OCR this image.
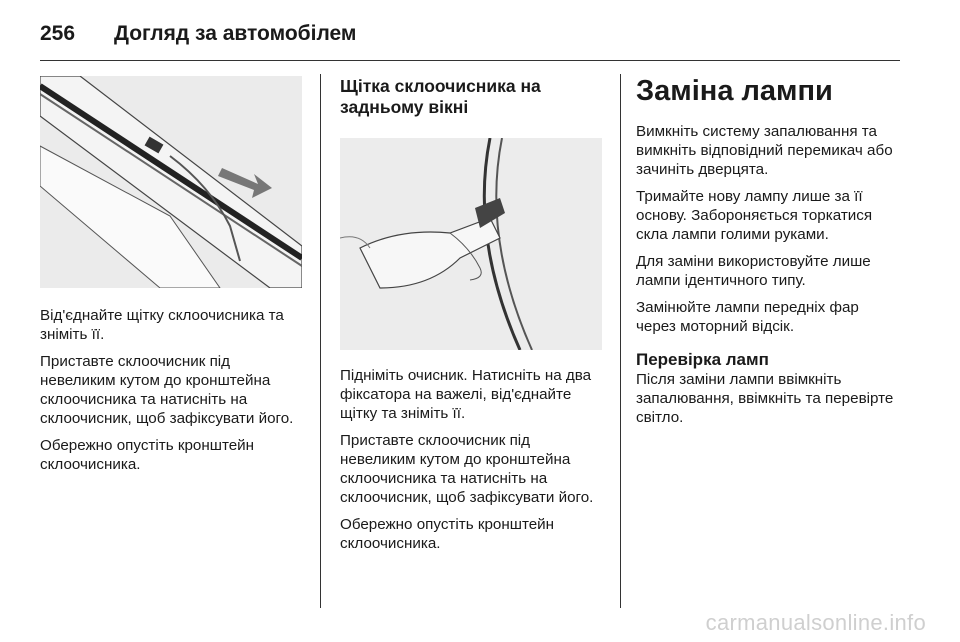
256 Догляд за автомобілем

Від'єднайте щітку склоочисника та зніміть її.

Приставте склоочисник під невеликим кутом до кронштейна склоочисника та натисніть на склоочисник, щоб зафіксувати його.

Обережно опустіть кронштейн склоочисника.

Щітка склоочисника на задньому вікні

Підніміть очисник. Натисніть на два фіксатора на важелі, від'єднайте щітку та зніміть її.

Приставте склоочисник під невеликим кутом до кронштейна склоочисника та натисніть на склоочисник, щоб зафіксувати його.

Обережно опустіть кронштейн склоочисника.

Заміна лампи

Вимкніть систему запалювання та вимкніть відповідний перемикач або зачиніть дверцята.

Тримайте нову лампу лише за її основу. Забороняється торкатися скла лампи голими руками.

Для заміни використовуйте лише лампи ідентичного типу.

Замінюйте лампи передніх фар через моторний відсік.

Перевірка ламп

Після заміни лампи ввімкніть запалювання, ввімкніть та перевірте світло.

carmanualsonline.info
